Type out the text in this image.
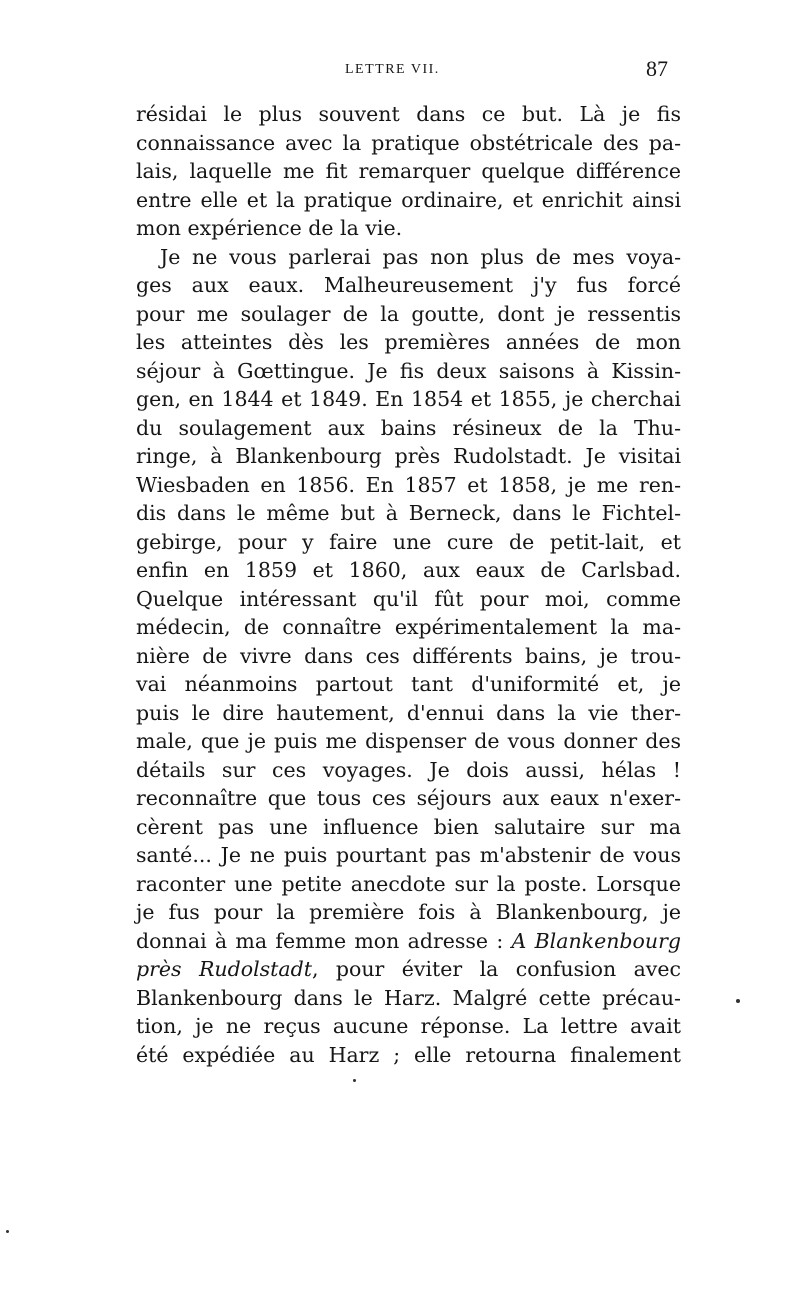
LETTRE VII.	87
résidai le plus souvent dans ce but. Là je fis
connaissance avec la pratique obstétricale des pa-
lais, laquelle me fit remarquer quelque différence
entre elle et la pratique ordinaire, et enrichit ainsi
mon expérience de la vie.
Je ne vous parlerai pas non plus de mes voya-
ges aux eaux. Malheureusement j'y fus forcé
pour me soulager de la goutte, dont je ressentis
les atteintes dès les premières années de mon
séjour à Gœttingue. Je fis deux saisons à Kissin-
gen, en 1844 et 1849. En 1854 et 1855, je cherchai
du soulagement aux bains résineux de la Thu-
ringe, à Blankenbourg près Rudolstadt. Je visitai
Wiesbaden en 1856. En 1857 et 1858, je me ren-
dis dans le même but à Berneck, dans le Fichtel-
gebirge, pour y faire une cure de petit-lait, et
enfin en 1859 et 1860, aux eaux de Carlsbad.
Quelque intéressant qu'il fût pour moi, comme
médecin, de connaître expérimentalement la ma-
nière de vivre dans ces différents bains, je trou-
vai néanmoins partout tant d'uniformité et, je
puis le dire hautement, d'ennui dans la vie ther-
male, que je puis me dispenser de vous donner des
détails sur ces voyages. Je dois aussi, hélas !
reconnaître que tous ces séjours aux eaux n'exer-
cèrent pas une influence bien salutaire sur ma
santé... Je ne puis pourtant pas m'abstenir de vous
raconter une petite anecdote sur la poste. Lorsque
je fus pour la première fois à Blankenbourg, je
donnai à ma femme mon adresse : A Blankenbourg
près Rudolstadt, pour éviter la confusion avec
Blankenbourg dans le Harz. Malgré cette précau-
tion, je ne reçus aucune réponse. La lettre avait
été expédiée au Harz ; elle retourna finalement
